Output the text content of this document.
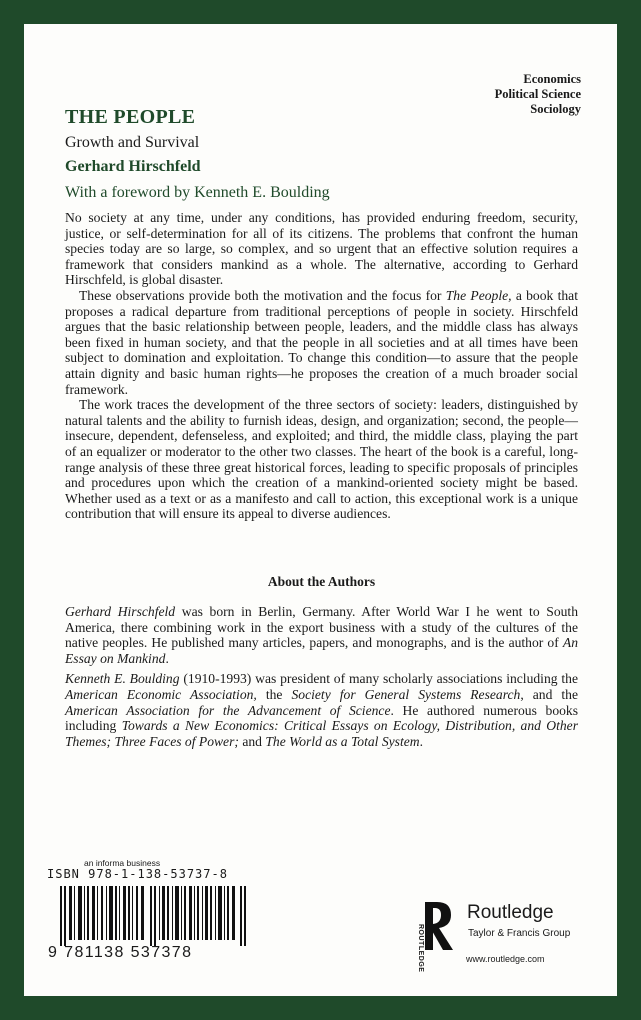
Economics
Political Science
Sociology
THE PEOPLE
Growth and Survival
Gerhard Hirschfeld
With a foreword by Kenneth E. Boulding

No society at any time, under any conditions, has provided enduring freedom, security, justice, or self-determination for all of its citizens. The problems that confront the human species today are so large, so complex, and so urgent that an effective solution requires a framework that considers mankind as a whole. The alternative, according to Gerhard Hirschfeld, is global disaster.

These observations provide both the motivation and the focus for The People, a book that proposes a radical departure from traditional perceptions of people in society. Hirschfeld argues that the basic relationship between people, leaders, and the middle class has always been fixed in human society, and that the people in all societies and at all times have been subject to domination and exploitation. To change this condition—to assure that the people attain dignity and basic human rights—he proposes the creation of a much broader social framework.

The work traces the development of the three sectors of society: leaders, distinguished by natural talents and the ability to furnish ideas, design, and organization; second, the people—insecure, dependent, defenseless, and exploited; and third, the middle class, playing the part of an equalizer or moderator to the other two classes. The heart of the book is a careful, long-range analysis of these three great historical forces, leading to specific proposals of principles and procedures upon which the creation of a mankind-oriented society might be based. Whether used as a text or as a manifesto and call to action, this exceptional work is a unique contribution that will ensure its appeal to diverse audiences.

About the Authors

Gerhard Hirschfeld was born in Berlin, Germany. After World War I he went to South America, there combining work in the export business with a study of the cultures of the native peoples. He published many articles, papers, and monographs, and is the author of An Essay on Mankind.

Kenneth E. Boulding (1910-1993) was president of many scholarly associations including the American Economic Association, the Society for General Systems Research, and the American Association for the Advancement of Science. He authored numerous books including Towards a New Economics: Critical Essays on Ecology, Distribution, and Other Themes; Three Faces of Power; and The World as a Total System.

an informa business
ISBN 978-1-138-53737-8
9 781138 537378	ROUTLEDGE
Routledge
Taylor & Francis Group
www.routledge.com
